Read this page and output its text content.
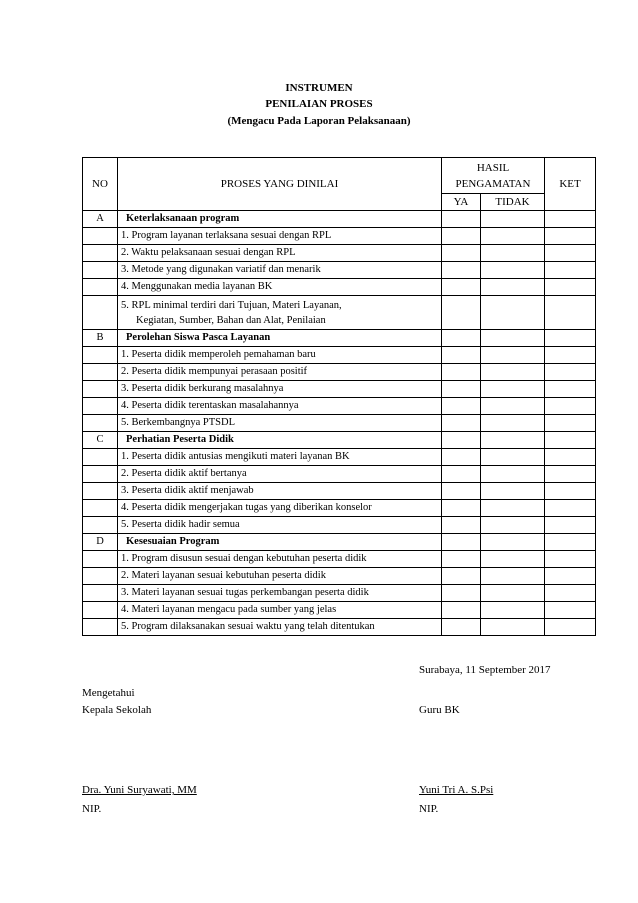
INSTRUMEN
PENILAIAN PROSES
(Mengacu Pada Laporan Pelaksanaan)
NO	PROSES YANG DINILAI	HASIL PENGAMATAN		KET
		YA	TIDAK	
A	Keterlaksanaan program			
	1. Program layanan terlaksana sesuai dengan RPL			
	2. Waktu pelaksanaan sesuai dengan RPL			
	3. Metode yang digunakan variatif dan menarik			
	4. Menggunakan media layanan BK			

	5. RPL minimal terdiri dari Tujuan, Materi Layanan,
Kegiatan, Sumber, Bahan dan Alat, Penilaian			

B	Perolehan Siswa Pasca Layanan			
	1. Peserta didik memperoleh pemahaman baru			
	2. Peserta didik mempunyai perasaan positif			
	3. Peserta didik berkurang masalahnya			
	4. Peserta didik terentaskan masalahannya			
	5. Berkembangnya PTSDL			
C	Perhatian Peserta Didik			
	1. Peserta didik antusias mengikuti materi layanan BK			
	2. Peserta didik aktif bertanya			
	3. Peserta didik aktif menjawab			
	4. Peserta didik mengerjakan tugas yang diberikan konselor			
	5. Peserta didik hadir semua			
D	Kesesuaian Program			
	1. Program disusun sesuai dengan kebutuhan peserta didik			
	2. Materi layanan sesuai kebutuhan peserta didik			
	3. Materi layanan sesuai tugas perkembangan peserta didik			
	4. Materi layanan mengacu pada sumber yang jelas			
	5. Program dilaksanakan sesuai waktu yang telah ditentukan			
Surabaya, 11 September 2017
Mengetahui
Kepala Sekolah	Guru BK
Dra. Yuni Suryawati, MM	Yuni Tri A. S.Psi
NIP.	NIP.
